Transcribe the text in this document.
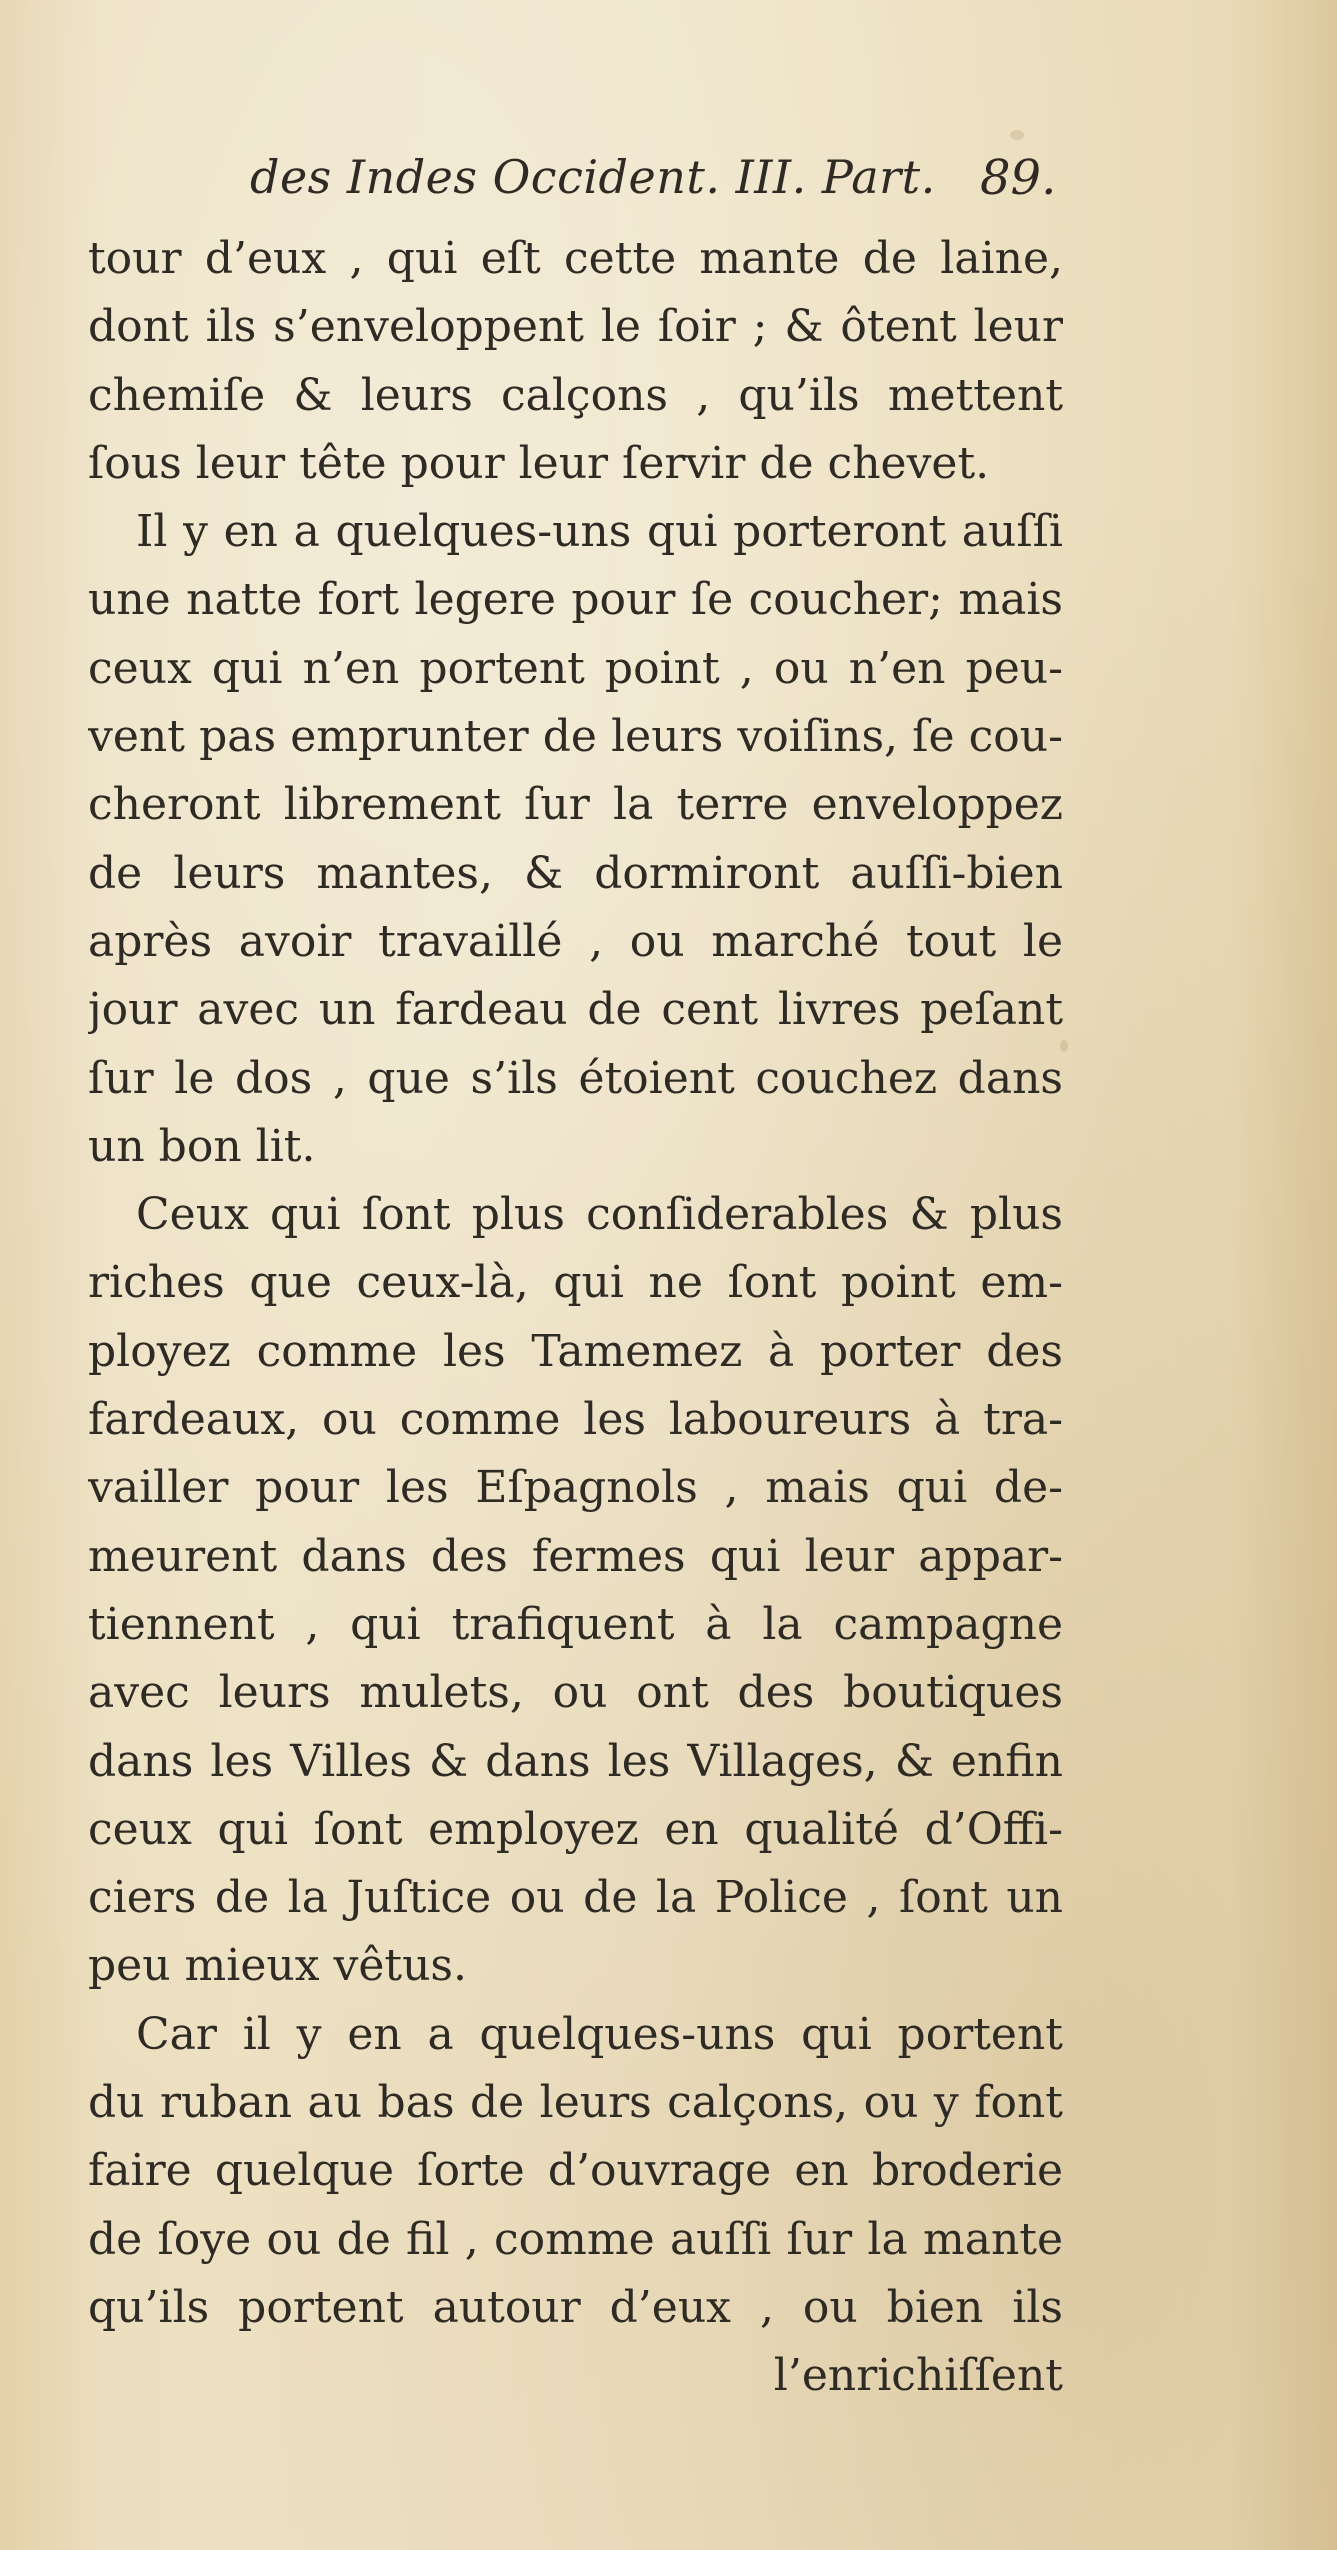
des Indes Occident. III. Part. 89.
tour d’eux , qui eſt cette mante de laine,
dont ils s’enveloppent le ſoir ; & ôtent leur
chemiſe & leurs calçons , qu’ils mettent
ſous leur tête pour leur ſervir de chevet.
Il y en a quelques-uns qui porteront auſſi
une natte fort legere pour ſe coucher; mais
ceux qui n’en portent point , ou n’en peu-
vent pas emprunter de leurs voiſins, ſe cou-
cheront librement ſur la terre enveloppez
de leurs mantes, & dormiront auſſi-bien
après avoir travaillé , ou marché tout le
jour avec un fardeau de cent livres peſant
ſur le dos , que s’ils étoient couchez dans
un bon lit.
Ceux qui ſont plus conſiderables & plus
riches que ceux-là, qui ne ſont point em-
ployez comme les Tamemez à porter des
fardeaux, ou comme les laboureurs à tra-
vailler pour les Eſpagnols , mais qui de-
meurent dans des fermes qui leur appar-
tiennent , qui trafiquent à la campagne
avec leurs mulets, ou ont des boutiques
dans les Villes & dans les Villages, & enfin
ceux qui ſont employez en qualité d’Offi-
ciers de la Juſtice ou de la Police , ſont un
peu mieux vêtus.
Car il y en a quelques-uns qui portent
du ruban au bas de leurs calçons, ou y font
faire quelque ſorte d’ouvrage en broderie
de ſoye ou de fil , comme auſſi ſur la mante
qu’ils portent autour d’eux , ou bien ils
l’enrichiſſent
